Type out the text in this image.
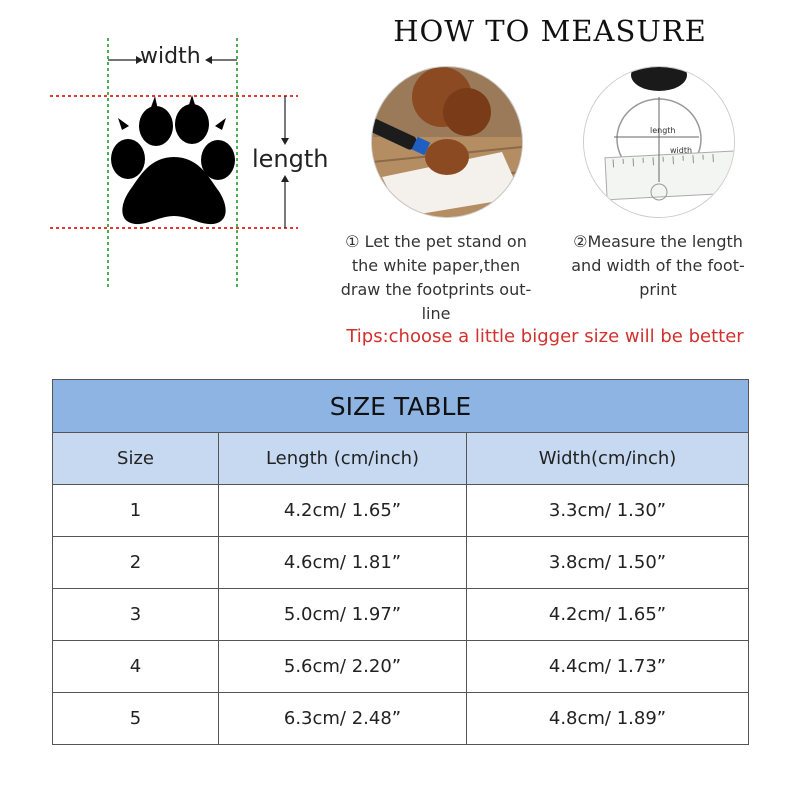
width
length
HOW TO MEASURE
length
width
① Let the pet stand on the white paper,then draw the footprints out-line
②Measure the length and width of the foot-print
Tips:choose a little bigger size will be better
SIZE TABLE		
Size	Length (cm/inch)	Width(cm/inch)
1	4.2cm/ 1.65”	3.3cm/ 1.30”
2	4.6cm/ 1.81”	3.8cm/ 1.50”
3	5.0cm/ 1.97”	4.2cm/ 1.65”
4	5.6cm/ 2.20”	4.4cm/ 1.73”
5	6.3cm/ 2.48”	4.8cm/ 1.89”
